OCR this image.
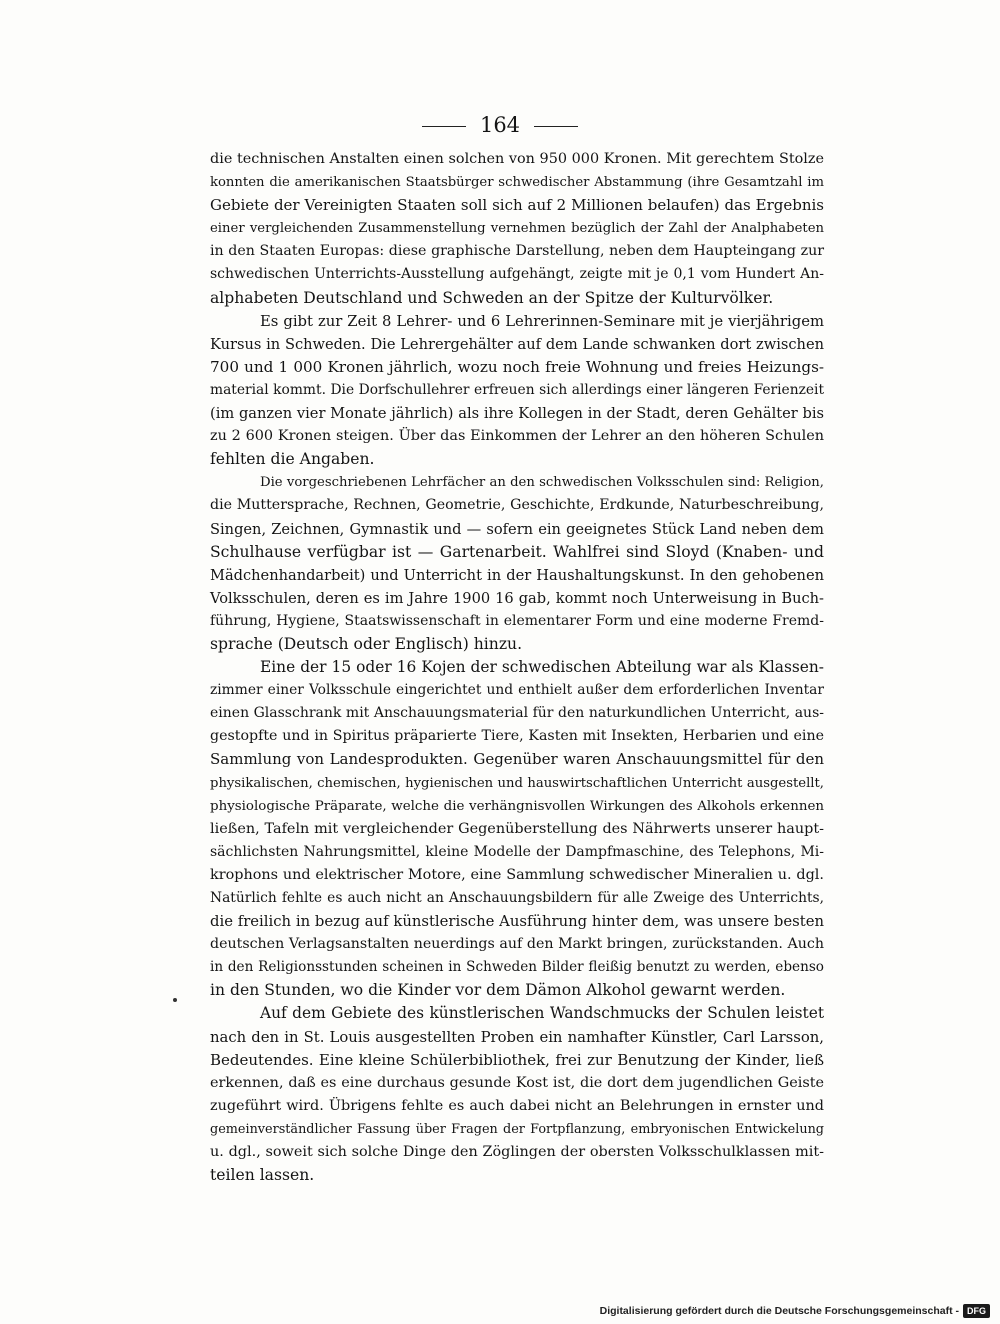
164
die technischen Anstalten einen solchen von 950 000 Kronen. Mit gerechtem Stolze
konnten die amerikanischen Staatsbürger schwedischer Abstammung (ihre Gesamtzahl im
Gebiete der Vereinigten Staaten soll sich auf 2 Millionen belaufen) das Ergebnis
einer vergleichenden Zusammenstellung vernehmen bezüglich der Zahl der Analphabeten
in den Staaten Europas: diese graphische Darstellung, neben dem Haupteingang zur
schwedischen Unterrichts-Ausstellung aufgehängt, zeigte mit je 0,1 vom Hundert An-
alphabeten Deutschland und Schweden an der Spitze der Kulturvölker.
Es gibt zur Zeit 8 Lehrer- und 6 Lehrerinnen-Seminare mit je vierjährigem
Kursus in Schweden. Die Lehrergehälter auf dem Lande schwanken dort zwischen
700 und 1 000 Kronen jährlich, wozu noch freie Wohnung und freies Heizungs-
material kommt. Die Dorfschullehrer erfreuen sich allerdings einer längeren Ferienzeit
(im ganzen vier Monate jährlich) als ihre Kollegen in der Stadt, deren Gehälter bis
zu 2 600 Kronen steigen. Über das Einkommen der Lehrer an den höheren Schulen
fehlten die Angaben.
Die vorgeschriebenen Lehrfächer an den schwedischen Volksschulen sind: Religion,
die Muttersprache, Rechnen, Geometrie, Geschichte, Erdkunde, Naturbeschreibung,
Singen, Zeichnen, Gymnastik und — sofern ein geeignetes Stück Land neben dem
Schulhause verfügbar ist — Gartenarbeit. Wahlfrei sind Sloyd (Knaben- und
Mädchenhandarbeit) und Unterricht in der Haushaltungskunst. In den gehobenen
Volksschulen, deren es im Jahre 1900 16 gab, kommt noch Unterweisung in Buch-
führung, Hygiene, Staatswissenschaft in elementarer Form und eine moderne Fremd-
sprache (Deutsch oder Englisch) hinzu.
Eine der 15 oder 16 Kojen der schwedischen Abteilung war als Klassen-
zimmer einer Volksschule eingerichtet und enthielt außer dem erforderlichen Inventar
einen Glasschrank mit Anschauungsmaterial für den naturkundlichen Unterricht, aus-
gestopfte und in Spiritus präparierte Tiere, Kasten mit Insekten, Herbarien und eine
Sammlung von Landesprodukten. Gegenüber waren Anschauungsmittel für den
physikalischen, chemischen, hygienischen und hauswirtschaftlichen Unterricht ausgestellt,
physiologische Präparate, welche die verhängnisvollen Wirkungen des Alkohols erkennen
ließen, Tafeln mit vergleichender Gegenüberstellung des Nährwerts unserer haupt-
sächlichsten Nahrungsmittel, kleine Modelle der Dampfmaschine, des Telephons, Mi-
krophons und elektrischer Motore, eine Sammlung schwedischer Mineralien u. dgl.
Natürlich fehlte es auch nicht an Anschauungsbildern für alle Zweige des Unterrichts,
die freilich in bezug auf künstlerische Ausführung hinter dem, was unsere besten
deutschen Verlagsanstalten neuerdings auf den Markt bringen, zurückstanden. Auch
in den Religionsstunden scheinen in Schweden Bilder fleißig benutzt zu werden, ebenso
in den Stunden, wo die Kinder vor dem Dämon Alkohol gewarnt werden.
Auf dem Gebiete des künstlerischen Wandschmucks der Schulen leistet
nach den in St. Louis ausgestellten Proben ein namhafter Künstler, Carl Larsson,
Bedeutendes. Eine kleine Schülerbibliothek, frei zur Benutzung der Kinder, ließ
erkennen, daß es eine durchaus gesunde Kost ist, die dort dem jugendlichen Geiste
zugeführt wird. Übrigens fehlte es auch dabei nicht an Belehrungen in ernster und
gemeinverständlicher Fassung über Fragen der Fortpflanzung, embryonischen Entwickelung
u. dgl., soweit sich solche Dinge den Zöglingen der obersten Volksschulklassen mit-
teilen lassen.
Digitalisierung gefördert durch die Deutsche Forschungsgemeinschaft - DFG
